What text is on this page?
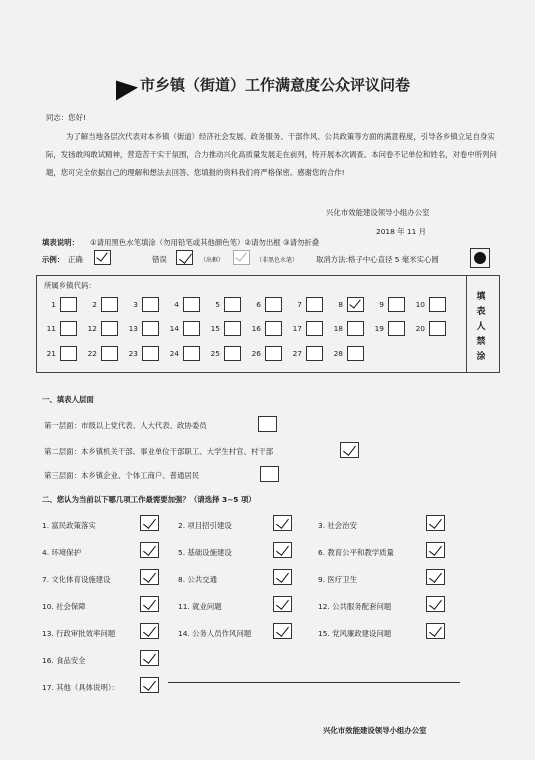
市乡镇（街道）工作满意度公众评议问卷
同志：您好!
为了解当地各层次代表对本乡镇（街道）经济社会发展、政务服务、干部作风、公共政策等方面的满意程度，引导各乡镇立足自身实际，发扬敢闯敢试精神，营造苦干实干氛围，合力推动兴化高质量发展走在前列，特开展本次调查。本问卷不记单位和姓名，对卷中所列问题，您可完全依据自己的理解和想法去回答。您填报的资料我们将严格保密。感谢您的合作!
兴化市效能建设领导小组办公室
2018 年 11 月
填表说明： ①请用黑色水笔填涂（勿用铅笔或其他颜色笔）②请勿出框 ③请勿折叠
示例： 正确	错误	（出框）	（非黑色水笔） 取消方法:格子中心直径 5 毫米实心圆
所属乡镇代码：
填表人禁涂
1	2	3	4	5	6	7	8	9	10
11	12	13	14	15	16	17	18	19	20
21	22	23	24	25	26	27	28
一、填表人层面
第一层面：市级以上党代表、人大代表、政协委员
第二层面：本乡镇机关干部、事业单位干部职工、大学生村官、村干部
第三层面：本乡镇企业、个体工商户、普通居民
二、您认为当前以下哪几项工作最需要加强？（请选择 3~5 项）
1. 富民政策落实	2. 项目招引建设	3. 社会治安
4. 环境保护	5. 基础设施建设	6. 教育公平和教学质量
7. 文化体育设施建设	8. 公共交通	9. 医疗卫生
10. 社会保障	11. 就业问题	12. 公共服务配套问题
13. 行政审批效率问题	14. 公务人员作风问题	15. 党风廉政建设问题
16. 食品安全
17. 其他（具体说明）：
兴化市效能建设领导小组办公室
